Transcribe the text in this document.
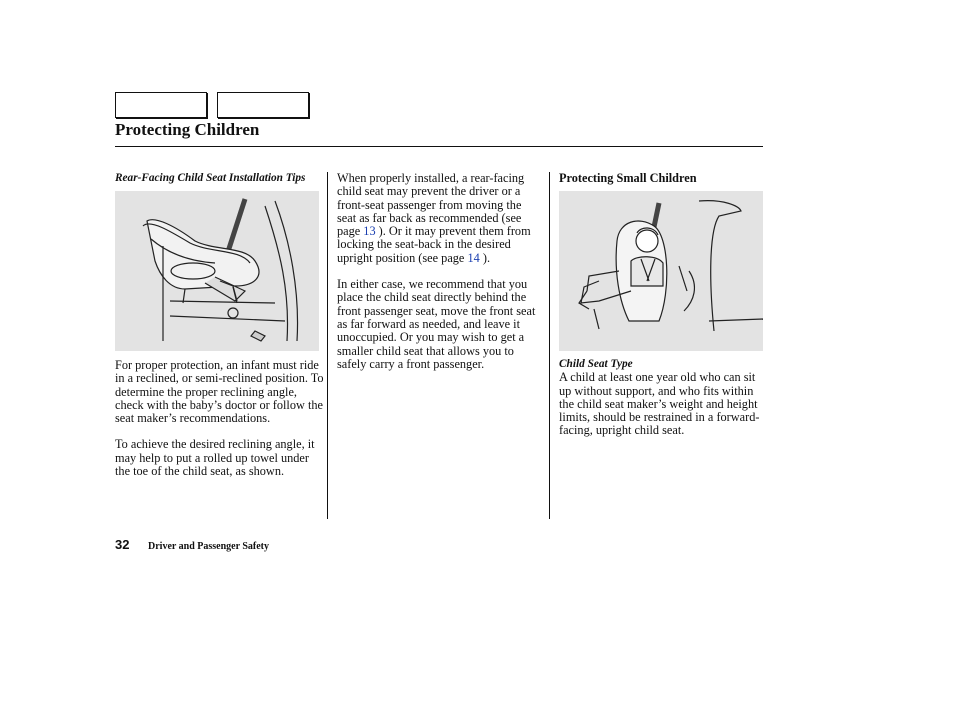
Protecting Children

Rear-Facing Child Seat Installation Tips

For proper protection, an infant must ride in a reclined, or semi-reclined position. To determine the proper reclining angle, check with the baby’s doctor or follow the seat maker’s recommendations.

To achieve the desired reclining angle, it may help to put a rolled up towel under the toe of the child seat, as shown.

When properly installed, a rear-facing child seat may prevent the driver or a front-seat passenger from moving the seat as far back as recommended (see page 13 ). Or it may prevent them from locking the seat-back in the desired upright position (see page 14 ).

In either case, we recommend that you place the child seat directly behind the front passenger seat, move the front seat as far forward as needed, and leave it unoccupied. Or you may wish to get a smaller child seat that allows you to safely carry a front passenger.

Protecting Small Children

Child Seat Type

A child at least one year old who can sit up without support, and who fits within the child seat maker’s weight and height limits, should be restrained in a forward-facing, upright child seat.

32 Driver and Passenger Safety
